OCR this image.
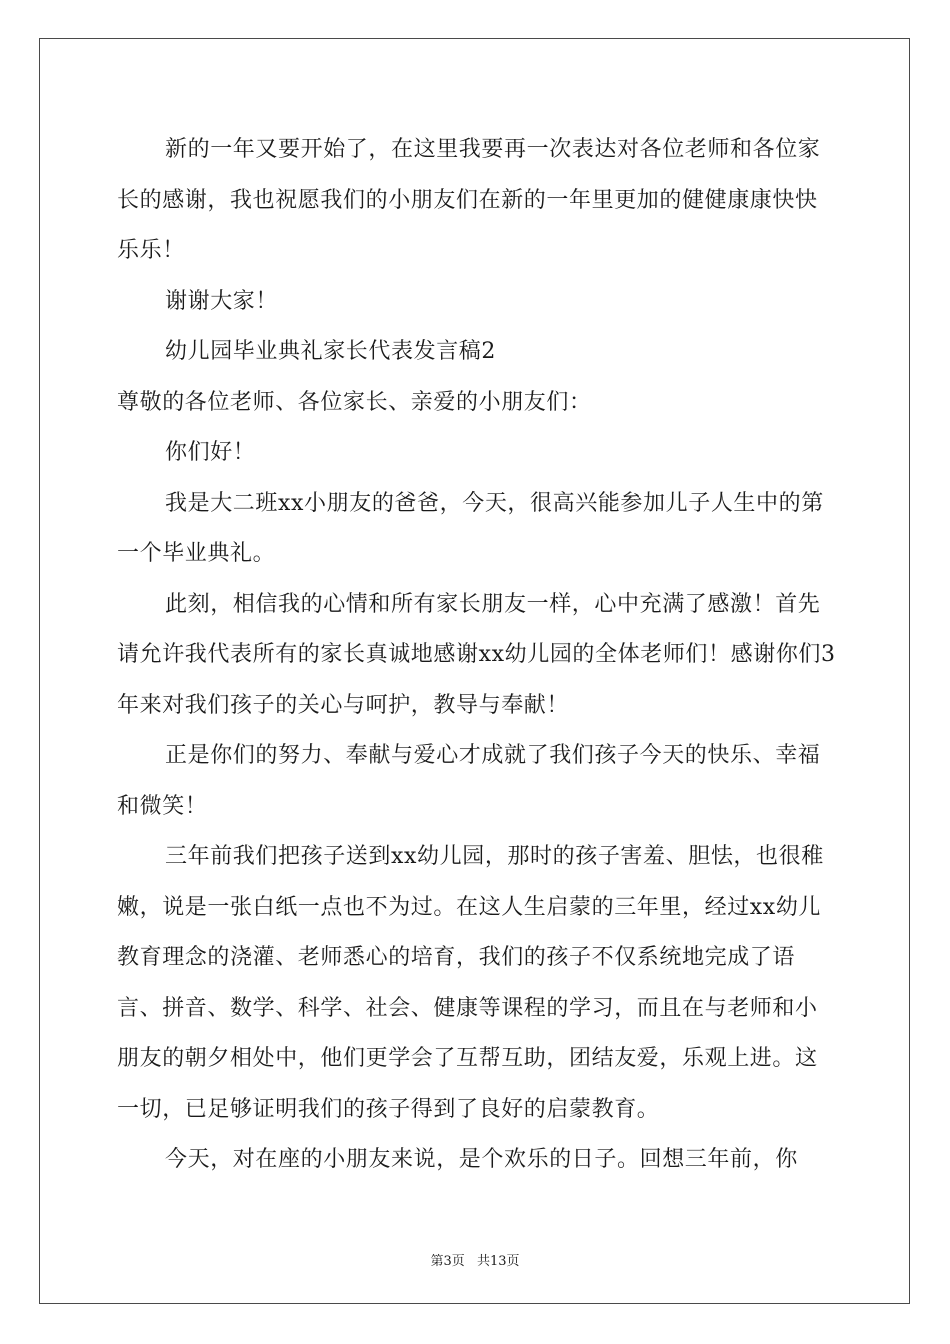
新的一年又要开始了，在这里我要再一次表达对各位老师和各位家长的感谢，我也祝愿我们的小朋友们在新的一年里更加的健健康康快快乐乐！

谢谢大家！

幼儿园毕业典礼家长代表发言稿2

尊敬的各位老师、各位家长、亲爱的小朋友们：

你们好！

我是大二班xx小朋友的爸爸，今天，很高兴能参加儿子人生中的第一个毕业典礼。

此刻，相信我的心情和所有家长朋友一样，心中充满了感激！首先请允许我代表所有的家长真诚地感谢xx幼儿园的全体老师们！感谢你们3年来对我们孩子的关心与呵护，教导与奉献！

正是你们的努力、奉献与爱心才成就了我们孩子今天的快乐、幸福和微笑！

三年前我们把孩子送到xx幼儿园，那时的孩子害羞、胆怯，也很稚嫩，说是一张白纸一点也不为过。在这人生启蒙的三年里，经过xx幼儿教育理念的浇灌、老师悉心的培育，我们的孩子不仅系统地完成了语言、拼音、数学、科学、社会、健康等课程的学习，而且在与老师和小朋友的朝夕相处中，他们更学会了互帮互助，团结友爱，乐观上进。这一切，已足够证明我们的孩子得到了良好的启蒙教育。

今天，对在座的小朋友来说，是个欢乐的日子。回想三年前，你

第3页 共13页
